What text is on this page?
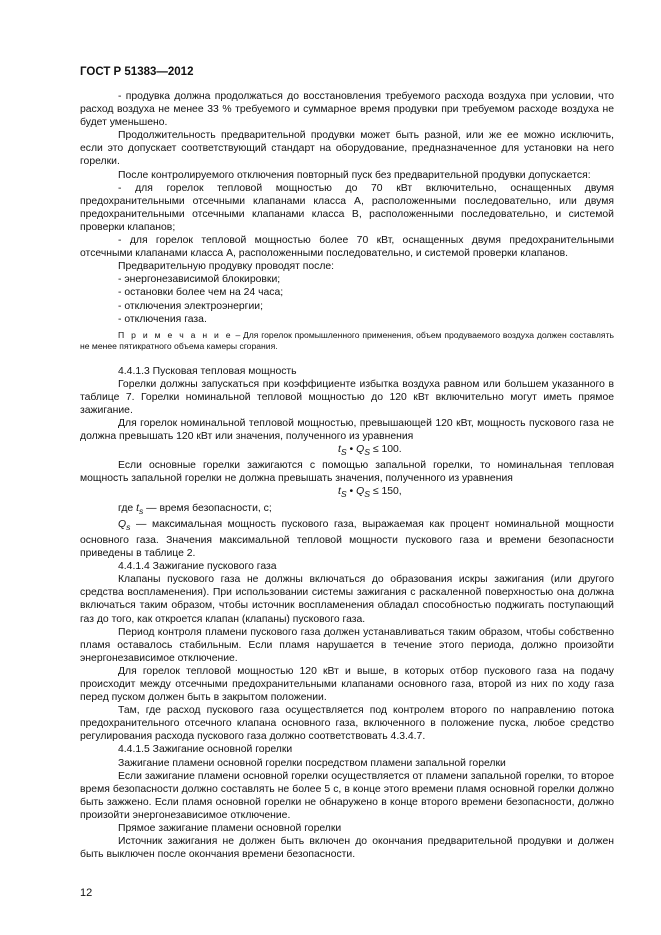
ГОСТ Р 51383—2012

- продувка должна продолжаться до восстановления требуемого расхода воздуха при условии, что расход воздуха не менее 33 % требуемого и суммарное время продувки при требуемом расходе воздуха не будет уменьшено.

Продолжительность предварительной продувки может быть разной, или же ее можно исключить, если это допускает соответствующий стандарт на оборудование, предназначенное для установки на него горелки.

После контролируемого отключения повторный пуск без предварительной продувки допускается:

- для горелок тепловой мощностью до 70 кВт включительно, оснащенных двумя предохранительными отсечными клапанами класса А, расположенными последовательно, или двумя предохранительными отсечными клапанами класса B, расположенными последовательно, и системой проверки клапанов;

- для горелок тепловой мощностью более 70 кВт, оснащенных двумя предохранительными отсечными клапанами класса А, расположенными последовательно, и системой проверки клапанов.

Предварительную продувку проводят после:

- энергонезависимой блокировки;

- остановки более чем на 24 часа;

- отключения электроэнергии;

- отключения газа.

П р и м е ч а н и е – Для горелок промышленного применения, объем продуваемого воздуха должен составлять не менее пятикратного объема камеры сгорания.

4.4.1.3 Пусковая тепловая мощность

Горелки должны запускаться при коэффициенте избытка воздуха равном или большем указанного в таблице 7. Горелки номинальной тепловой мощностью до 120 кВт включительно могут иметь прямое зажигание.

Для горелок номинальной тепловой мощностью, превышающей 120 кВт, мощность пускового газа не должна превышать 120 кВт или значения, полученного из уравнения

$t_S$ • $Q_S \le 100$.

Если основные горелки зажигаются с помощью запальной горелки, то номинальная тепловая мощность запальной горелки не должна превышать значения, полученного из уравнения

$t_S$ • $Q_S \le 150$,

где $t_s$ — время безопасности, с;

$Q_s$ — максимальная мощность пускового газа, выражаемая как процент номинальной мощности основного газа. Значения максимальной тепловой мощности пускового газа и времени безопасности приведены в таблице 2.

4.4.1.4 Зажигание пускового газа

Клапаны пускового газа не должны включаться до образования искры зажигания (или другого средства воспламенения). При использовании системы зажигания с раскаленной поверхностью она должна включаться таким образом, чтобы источник воспламенения обладал способностью поджигать поступающий газ до того, как откроется клапан (клапаны) пускового газа.

Период контроля пламени пускового газа должен устанавливаться таким образом, чтобы собственно пламя оставалось стабильным. Если пламя нарушается в течение этого периода, должно произойти энергонезависимое отключение.

Для горелок тепловой мощностью 120 кВт и выше, в которых отбор пускового газа на подачу происходит между отсечными предохранительными клапанами основного газа, второй из них по ходу газа перед пуском должен быть в закрытом положении.

Там, где расход пускового газа осуществляется под контролем второго по направлению потока предохранительного отсечного клапана основного газа, включенного в положение пуска, любое средство регулирования расхода пускового газа должно соответствовать 4.3.4.7.

4.4.1.5 Зажигание основной горелки

Зажигание пламени основной горелки посредством пламени запальной горелки

Если зажигание пламени основной горелки осуществляется от пламени запальной горелки, то второе время безопасности должно составлять не более 5 с, в конце этого времени пламя основной горелки должно быть зажжено. Если пламя основной горелки не обнаружено в конце второго времени безопасности, должно произойти энергонезависимое отключение.

Прямое зажигание пламени основной горелки

Источник зажигания не должен быть включен до окончания предварительной продувки и должен быть выключен после окончания времени безопасности.

12
